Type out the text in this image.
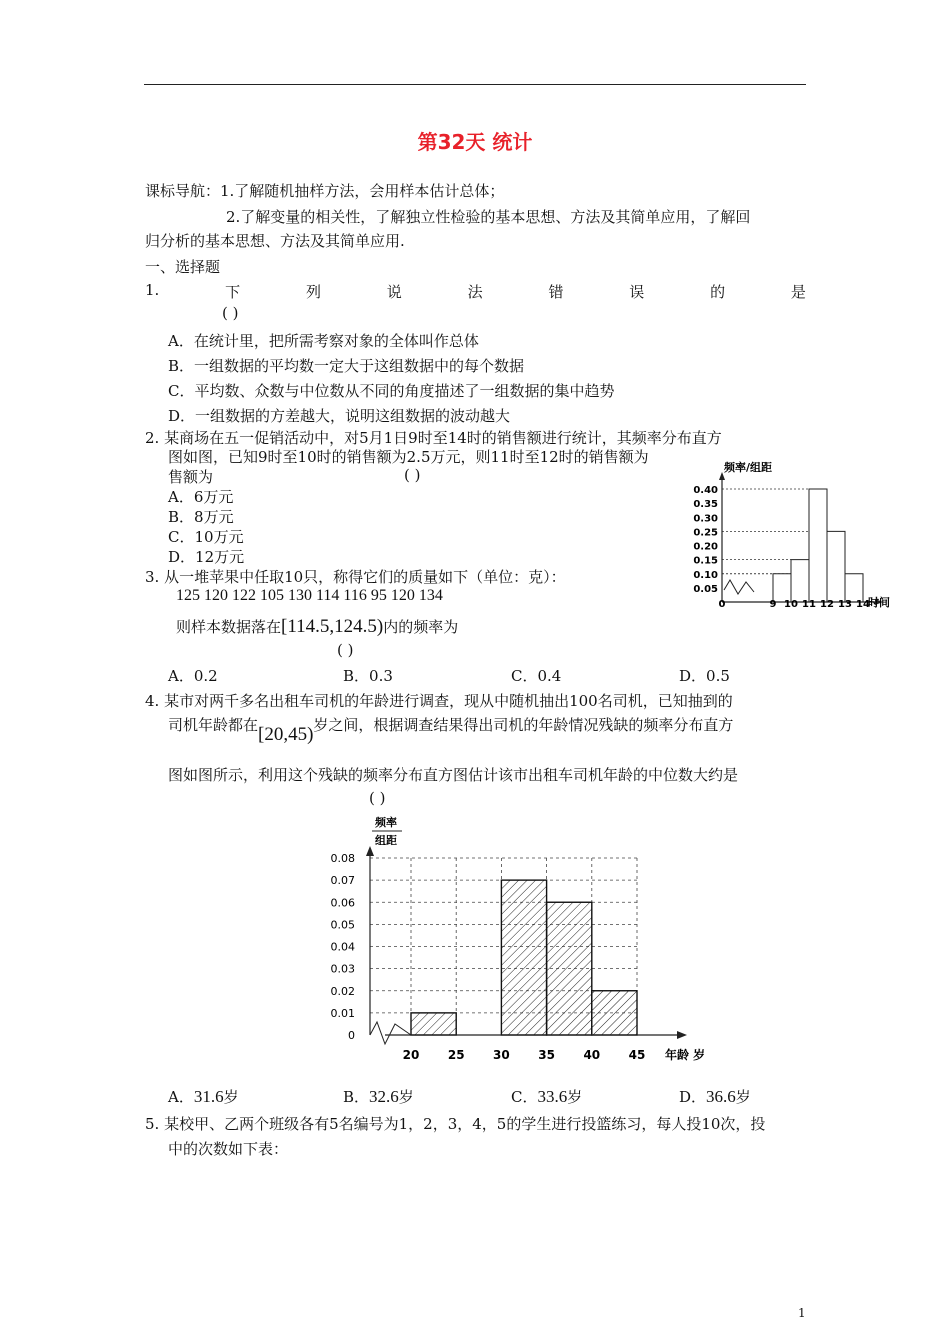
第32天 统计
课标导航：1.了解随机抽样方法，会用样本估计总体；
2.了解变量的相关性，了解独立性检验的基本思想、方法及其简单应用，了解回
归分析的基本思想、方法及其简单应用.
一、选择题
1.	下	列	说	法	错	误	的	是
( )
A．在统计里，把所需考察对象的全体叫作总体
B．一组数据的平均数一定大于这组数据中的每个数据
C．平均数、众数与中位数从不同的角度描述了一组数据的集中趋势
D．一组数据的方差越大，说明这组数据的波动越大
2. 某商场在五一促销活动中，对5月1日9时至14时的销售额进行统计，其频率分布直方
图如图，已知9时至10时的销售额为2.5万元，则11时至12时的销售额为
售额为	( )
A．6万元
B．8万元
C．10万元
D．12万元
频率/组距
0.05
0.10
0.15
0.20
0.25
0.30
0.35
0.40
0	9 10 11 12 13 14
时间
3. 从一堆苹果中任取10只，称得它们的质量如下（单位：克）：
125 120 122 105 130 114 116 95 120 134
则样本数据落在[114.5,124.5)内的频率为
( )
A．0.2	B．0.3	C．0.4	D．0.5
4. 某市对两千多名出租车司机的年龄进行调查，现从中随机抽出100名司机，已知抽到的
司机年龄都在[20,45)岁之间，根据调查结果得出司机的年龄情况残缺的频率分布直方
图如图所示，利用这个残缺的频率分布直方图估计该市出租车司机年龄的中位数大约是
( )
频率
组距
0
0.01
0.02
0.03
0.04
0.05
0.06
0.07
0.08
20 25 30 35 40 45 年龄 岁
A．31.6岁	B．32.6岁	C．33.6岁	D．36.6岁
5. 某校甲、乙两个班级各有5名编号为1，2，3，4，5的学生进行投篮练习，每人投10次，投
中的次数如下表：
1
